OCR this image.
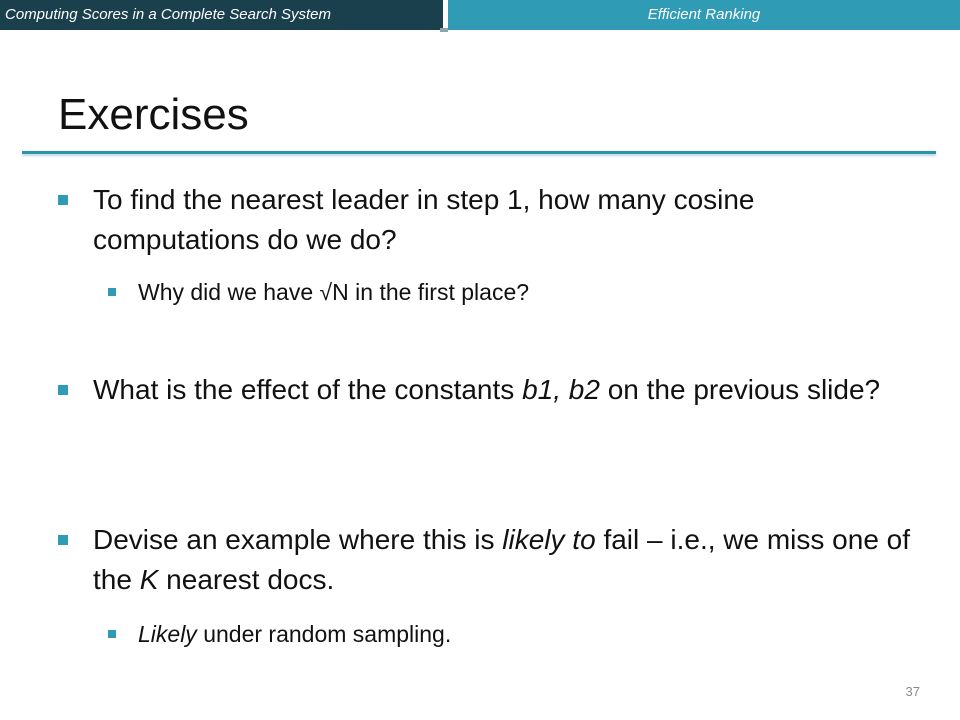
Computing Scores in a Complete Search System	Efficient Ranking
Exercises
To find the nearest leader in step 1, how many cosine computations do we do?
Why did we have √N in the first place?
What is the effect of the constants b1, b2 on the previous slide?
Devise an example where this is likely to fail – i.e., we miss one of the K nearest docs.
Likely under random sampling.
37
